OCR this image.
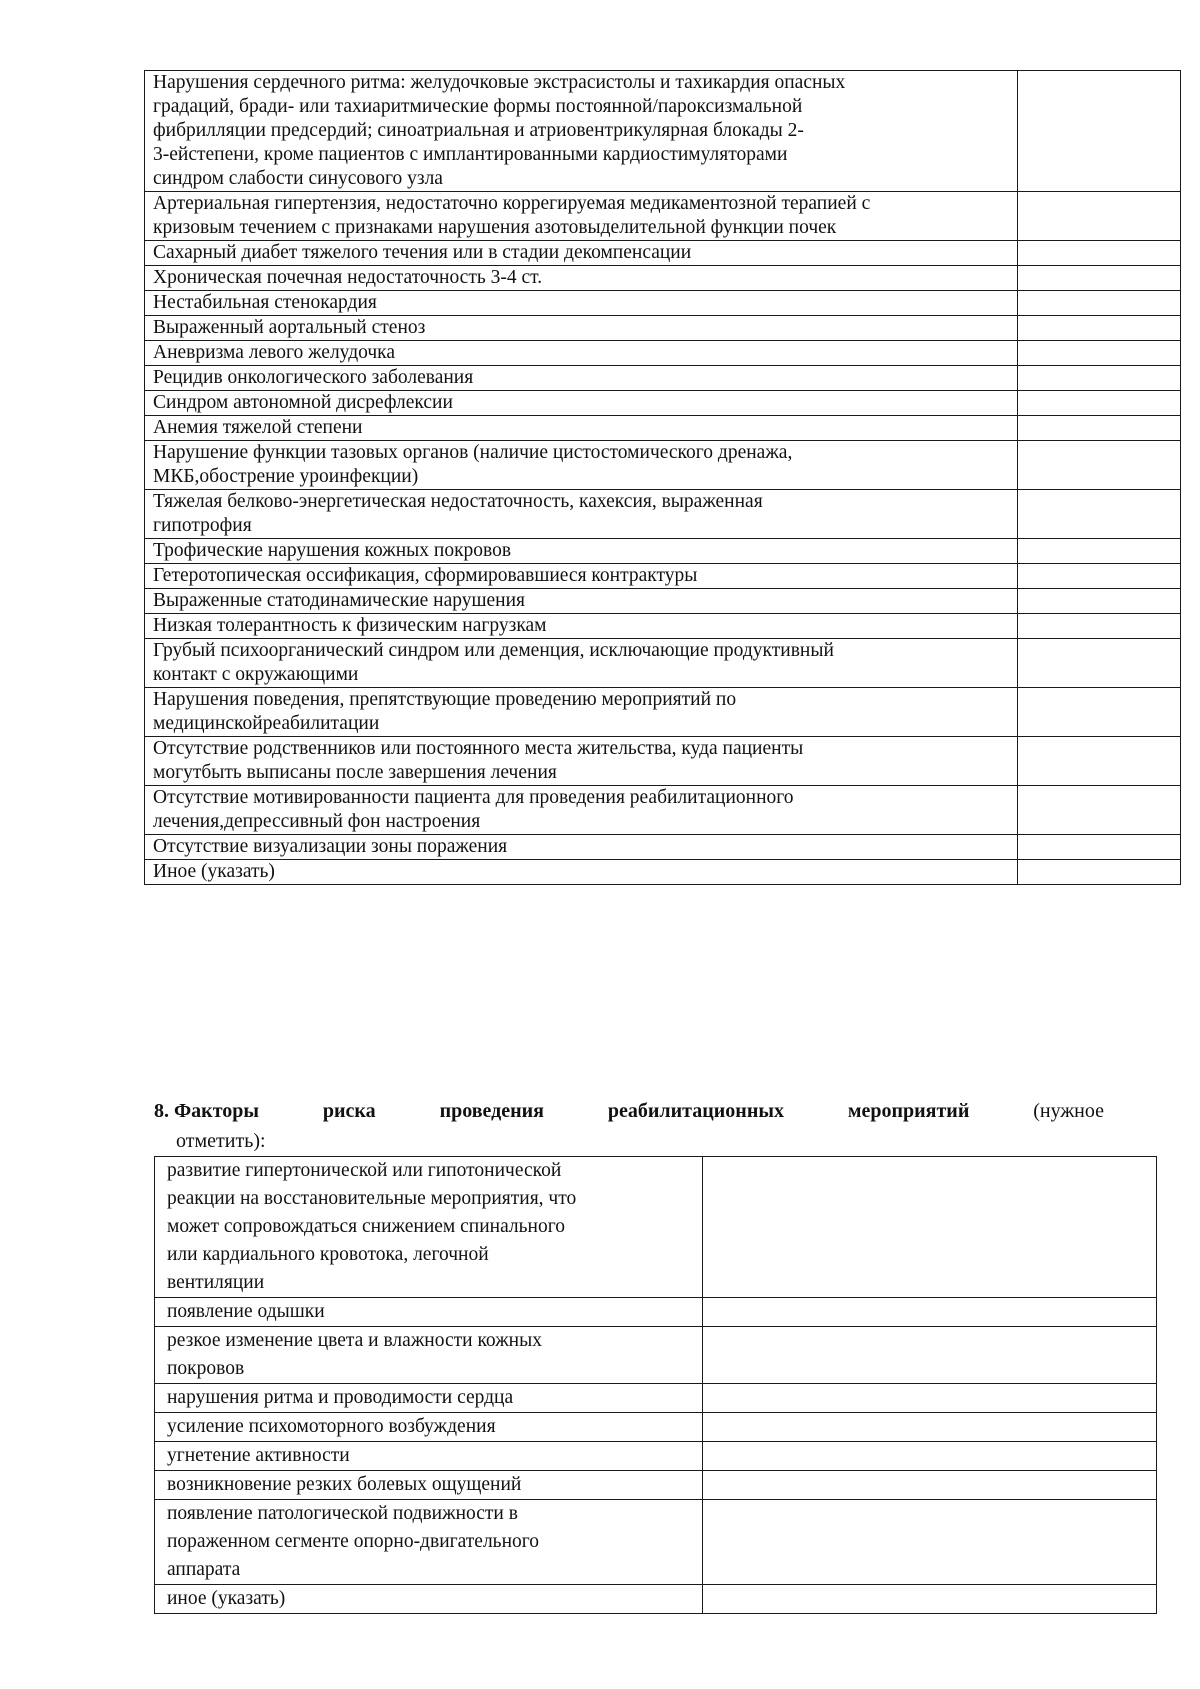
Нарушения сердечного ритма: желудочковые экстрасистолы и тахикардия опасных
градаций, бради- или тахиаритмические формы постоянной/пароксизмальной
фибрилляции предсердий; синоатриальная и атриовентрикулярная блокады 2-
3-ейстепени, кроме пациентов с имплантированными кардиостимуляторами
синдром слабости синусового узла	

Артериальная гипертензия, недостаточно коррегируемая медикаментозной терапией с
кризовым течением с признаками нарушения азотовыделительной функции почек	

Сахарный диабет тяжелого течения или в стадии декомпенсации	

Хроническая почечная недостаточность 3-4 ст.	

Нестабильная стенокардия	

Выраженный аортальный стеноз	

Аневризма левого желудочка	

Рецидив онкологического заболевания	

Синдром автономной дисрефлексии	

Анемия тяжелой степени	

Нарушение функции тазовых органов (наличие цистостомического дренажа,
МКБ,обострение уроинфекции)	

Тяжелая белково-энергетическая недостаточность, кахексия, выраженная
гипотрофия	

Трофические нарушения кожных покровов	

Гетеротопическая оссификация, сформировавшиеся контрактуры	

Выраженные статодинамические нарушения	

Низкая толерантность к физическим нагрузкам	

Грубый психоорганический синдром или деменция, исключающие продуктивный
контакт с окружающими	

Нарушения поведения, препятствующие проведению мероприятий по
медицинскойреабилитации	

Отсутствие родственников или постоянного места жительства, куда пациенты
могутбыть выписаны после завершения лечения	

Отсутствие мотивированности пациента для проведения реабилитационного
лечения,депрессивный фон настроения	

Отсутствие визуализации зоны поражения	

Иное (указать)	

8. Факторы	риска	проведения	реабилитационных	мероприятий	(нужное
отметить):
развитие гипертонической или гипотонической
реакции на восстановительные мероприятия, что
может сопровождаться снижением спинального
или кардиального кровотока, легочной
вентиляции	

появление одышки	

резкое изменение цвета и влажности кожных
покровов	

нарушения ритма и проводимости сердца	

усиление психомоторного возбуждения	

угнетение активности	

возникновение резких болевых ощущений	

появление патологической подвижности в
пораженном сегменте опорно-двигательного
аппарата	

иное (указать)	
